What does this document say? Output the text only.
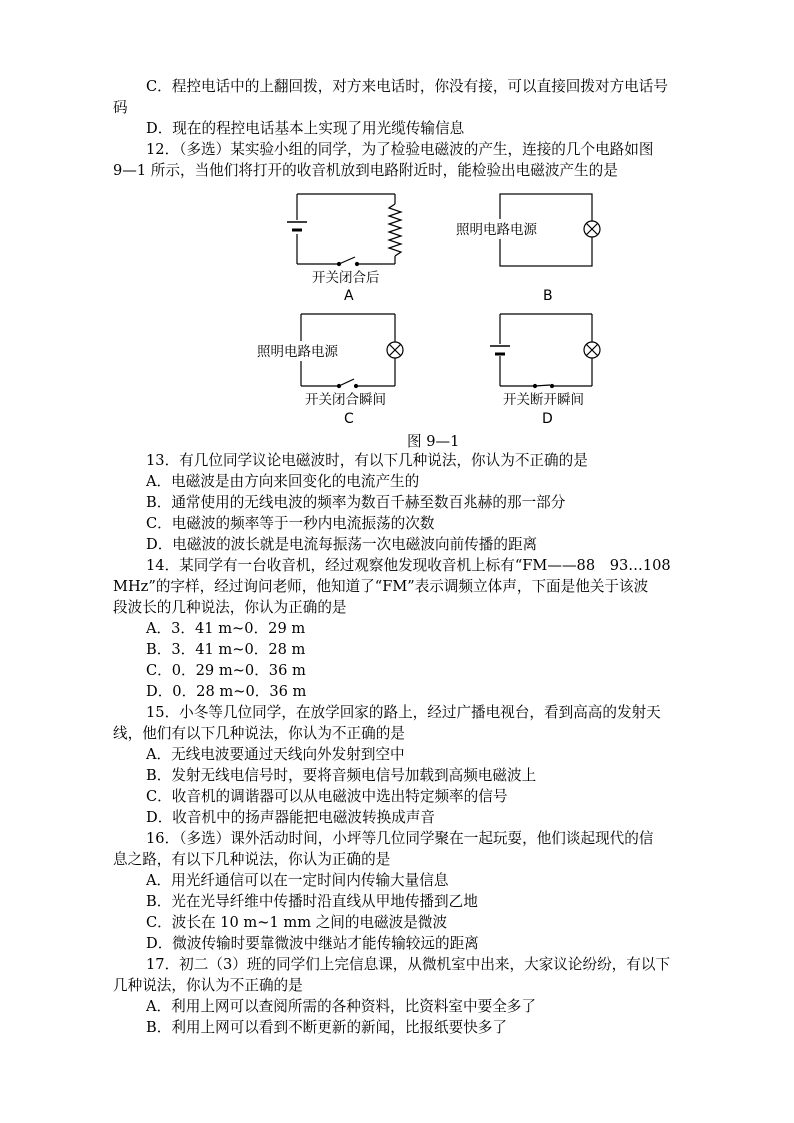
C．程控电话中的上翻回拨，对方来电话时，你没有接，可以直接回拨对方电话号
码
D．现在的程控电话基本上实现了用光缆传输信息
12．（多选）某实验小组的同学，为了检验电磁波的产生，连接的几个电路如图
9—1 所示，当他们将打开的收音机放到电路附近时，能检验出电磁波产生的是
开关闭合后
A
照明电路电源
B
照明电路电源
开关闭合瞬间
C
开关断开瞬间
D
图 9—1
13．有几位同学议论电磁波时，有以下几种说法，你认为不正确的是
A．电磁波是由方向来回变化的电流产生的
B．通常使用的无线电波的频率为数百千赫至数百兆赫的那一部分
C．电磁波的频率等于一秒内电流振荡的次数
D．电磁波的波长就是电流每振荡一次电磁波向前传播的距离
14．某同学有一台收音机，经过观察他发现收音机上标有“FM——88　93…108
MHz”的字样，经过询问老师，他知道了“FM”表示调频立体声，下面是他关于该波
段波长的几种说法，你认为正确的是
A．3．41 m~0．29 m
B．3．41 m~0．28 m
C．0．29 m~0．36 m
D．0．28 m~0．36 m
15．小冬等几位同学，在放学回家的路上，经过广播电视台，看到高高的发射天
线，他们有以下几种说法，你认为不正确的是
A．无线电波要通过天线向外发射到空中
B．发射无线电信号时，要将音频电信号加载到高频电磁波上
C．收音机的调谐器可以从电磁波中选出特定频率的信号
D．收音机中的扬声器能把电磁波转换成声音
16．（多选）课外活动时间，小坪等几位同学聚在一起玩耍，他们谈起现代的信
息之路，有以下几种说法，你认为正确的是
A．用光纤通信可以在一定时间内传输大量信息
B．光在光导纤维中传播时沿直线从甲地传播到乙地
C．波长在 10 m~1 mm 之间的电磁波是微波
D．微波传输时要靠微波中继站才能传输较远的距离
17．初二（3）班的同学们上完信息课，从微机室中出来，大家议论纷纷，有以下
几种说法，你认为不正确的是
A．利用上网可以查阅所需的各种资料，比资料室中要全多了
B．利用上网可以看到不断更新的新闻，比报纸要快多了
